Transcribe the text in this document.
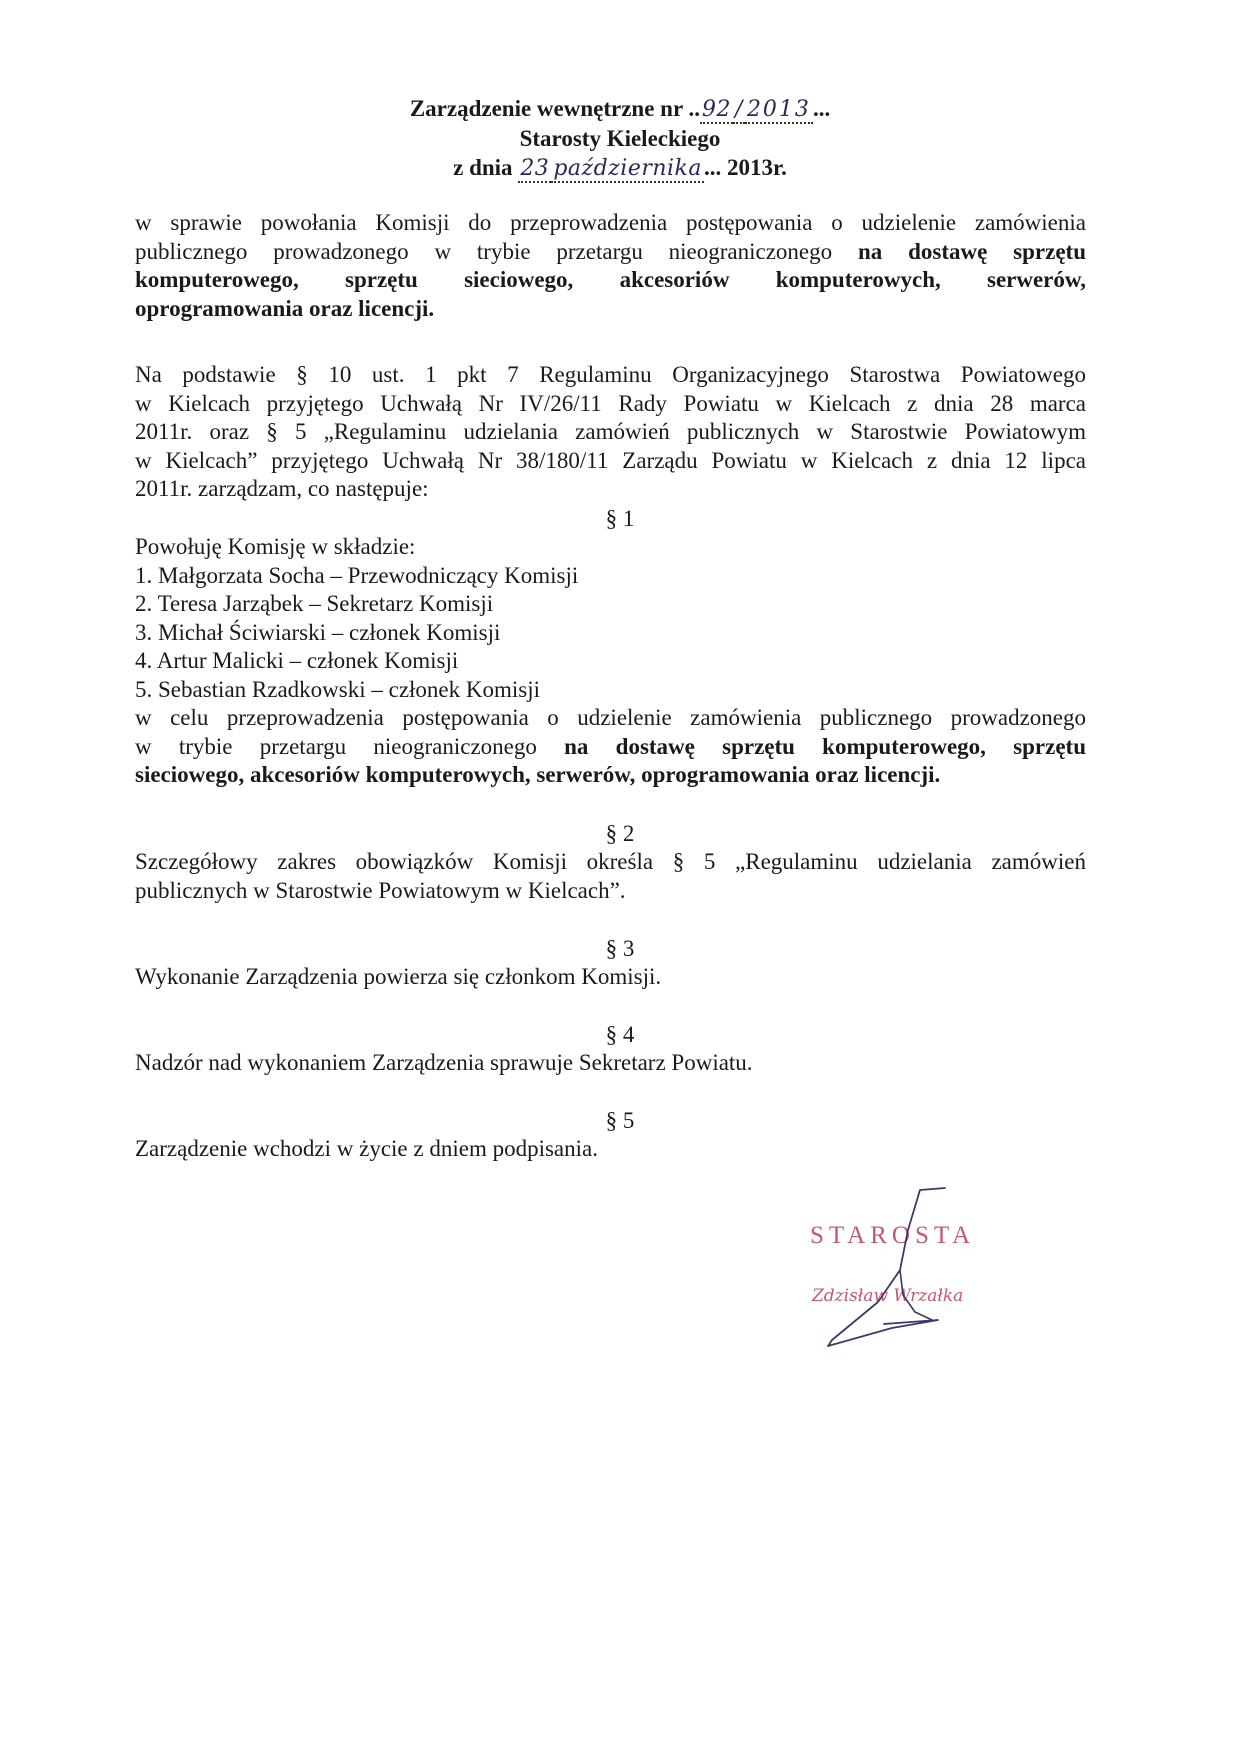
Zarządzenie wewnętrzne nr ..92 / 2013...
Starosty Kieleckiego
z dnia 23 października... 2013r.
w sprawie powołania Komisji do przeprowadzenia postępowania o udzielenie zamówienia
publicznego prowadzonego w trybie przetargu nieograniczonego na dostawę sprzętu
komputerowego, sprzętu sieciowego, akcesoriów komputerowych, serwerów,
oprogramowania oraz licencji.
Na podstawie § 10 ust. 1 pkt 7 Regulaminu Organizacyjnego Starostwa Powiatowego
w Kielcach przyjętego Uchwałą Nr IV/26/11 Rady Powiatu w Kielcach z dnia 28 marca
2011r. oraz § 5 „Regulaminu udzielania zamówień publicznych w Starostwie Powiatowym
w Kielcach” przyjętego Uchwałą Nr 38/180/11 Zarządu Powiatu w Kielcach z dnia 12 lipca
2011r. zarządzam, co następuje:
§ 1
Powołuję Komisję w składzie:
1. Małgorzata Socha – Przewodniczący Komisji
2. Teresa Jarząbek – Sekretarz Komisji
3. Michał Ściwiarski – członek Komisji
4. Artur Malicki – członek Komisji
5. Sebastian Rzadkowski – członek Komisji
w celu przeprowadzenia postępowania o udzielenie zamówienia publicznego prowadzonego
w trybie przetargu nieograniczonego na dostawę sprzętu komputerowego, sprzętu
sieciowego, akcesoriów komputerowych, serwerów, oprogramowania oraz licencji.
§ 2
Szczegółowy zakres obowiązków Komisji określa § 5 „Regulaminu udzielania zamówień
publicznych w Starostwie Powiatowym w Kielcach”.
§ 3
Wykonanie Zarządzenia powierza się członkom Komisji.
§ 4
Nadzór nad wykonaniem Zarządzenia sprawuje Sekretarz Powiatu.
§ 5
Zarządzenie wchodzi w życie z dniem podpisania.
STAROSTA
Zdzisław Wrzałka
